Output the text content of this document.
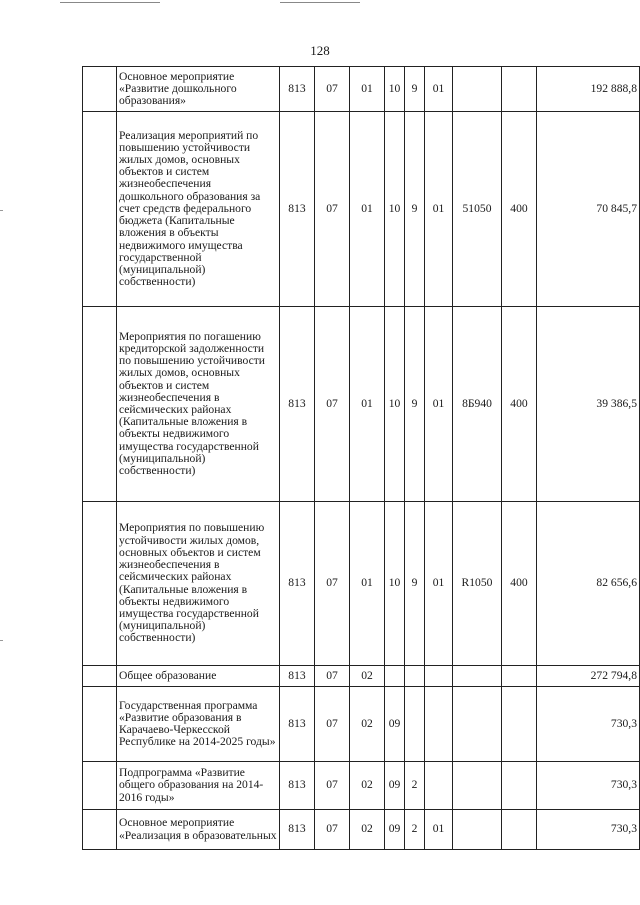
128
	Основное мероприятие «Развитие дошкольного образования»	813	07	01	10	9	01			192 888,8
	Реализация мероприятий по повышению устойчивости жилых домов, основных объектов и систем жизнеобеспечения дошкольного образования за счет средств федерального бюджета (Капитальные вложения в объекты недвижимого имущества государственной (муниципальной) собственности)	813	07	01	10	9	01	51050	400	70 845,7
	Мероприятия по погашению кредиторской задолженности по повышению устойчивости жилых домов, основных объектов и систем жизнеобеспечения в сейсмических районах (Капитальные вложения в объекты недвижимого имущества государственной (муниципальной) собственности)	813	07	01	10	9	01	8Б940	400	39 386,5
	Мероприятия по повышению устойчивости жилых домов, основных объектов и систем жизнеобеспечения в сейсмических районах (Капитальные вложения в объекты недвижимого имущества государственной (муниципальной) собственности)	813	07	01	10	9	01	R1050	400	82 656,6
	Общее образование	813	07	02						272 794,8
	Государственная программа «Развитие образования в Карачаево-Черкесской Республике на 2014-2025 годы»	813	07	02	09					730,3
	Подпрограмма «Развитие общего образования на 2014-2016 годы»	813	07	02	09	2				730,3
	Основное мероприятие «Реализация в образовательных	813	07	02	09	2	01			730,3
